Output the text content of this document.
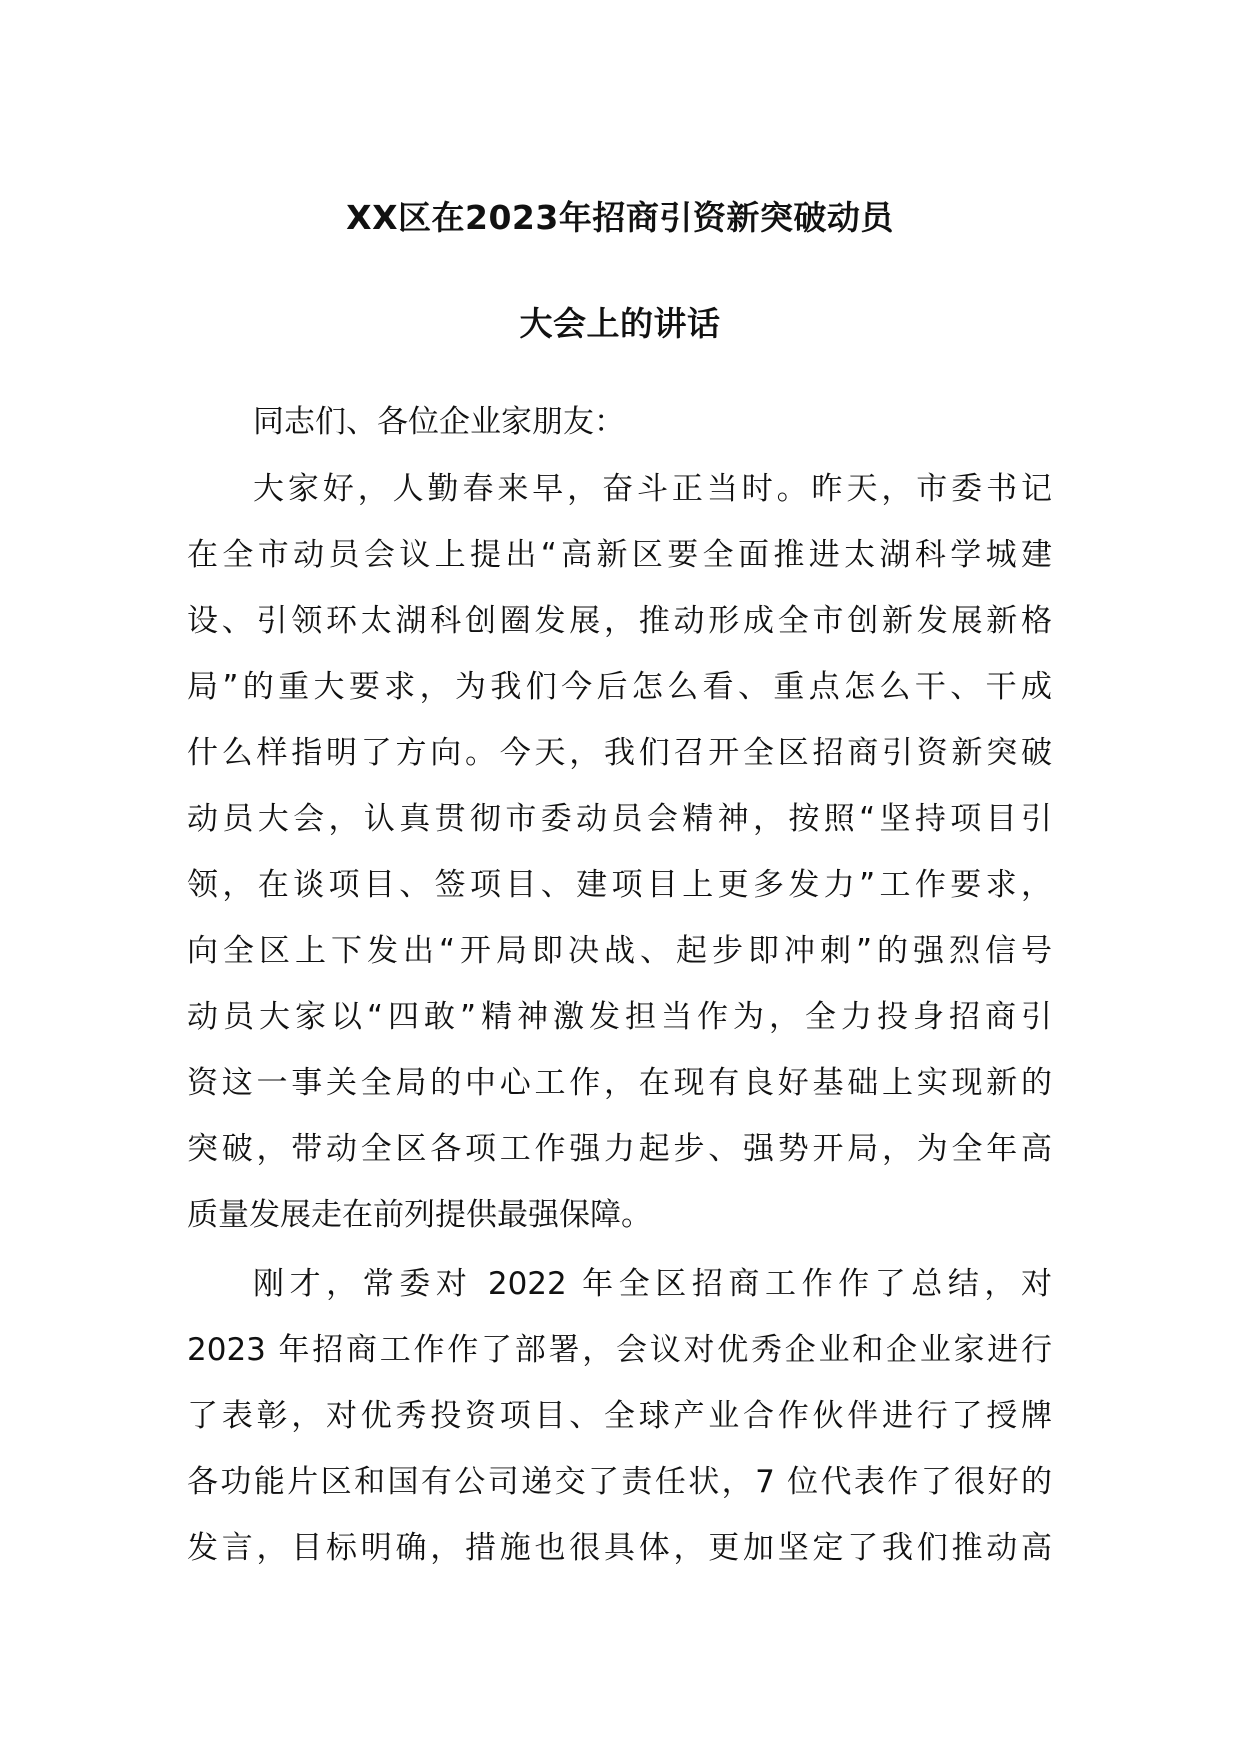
XX区在2023年招商引资新突破动员
大会上的讲话
同志们、各位企业家朋友：
大家好，人勤春来早，奋斗正当时。昨天，市委书记
在全市动员会议上提出“高新区要全面推进太湖科学城建
设、引领环太湖科创圈发展，推动形成全市创新发展新格
局”的重大要求，为我们今后怎么看、重点怎么干、干成
什么样指明了方向。今天，我们召开全区招商引资新突破
动员大会，认真贯彻市委动员会精神，按照“坚持项目引
领，在谈项目、签项目、建项目上更多发力”工作要求，
向全区上下发出“开局即决战、起步即冲刺”的强烈信号
动员大家以“四敢”精神激发担当作为，全力投身招商引
资这一事关全局的中心工作，在现有良好基础上实现新的
突破，带动全区各项工作强力起步、强势开局，为全年高
质量发展走在前列提供最强保障。
刚才，常委对 2022 年全区招商工作作了总结，对
2023 年招商工作作了部署，会议对优秀企业和企业家进行
了表彰，对优秀投资项目、全球产业合作伙伴进行了授牌
各功能片区和国有公司递交了责任状，7 位代表作了很好的
发言，目标明确，措施也很具体，更加坚定了我们推动高
